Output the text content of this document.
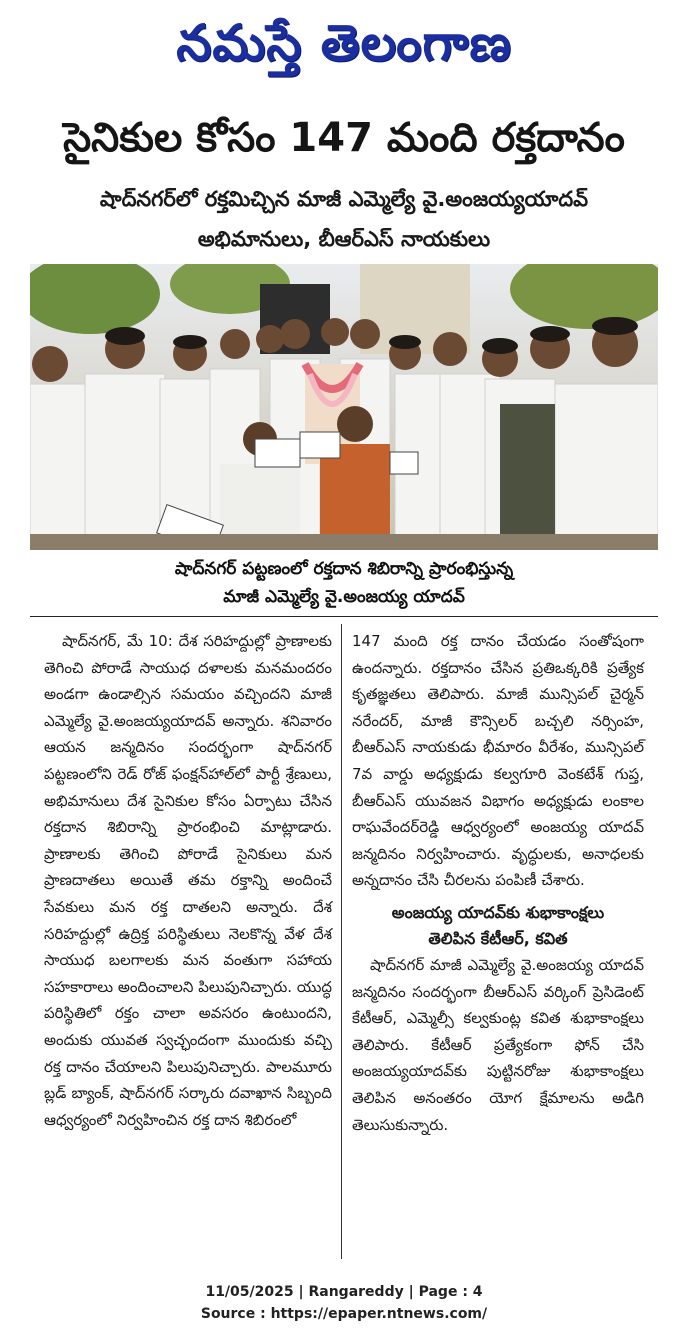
నమస్తే తెలంగాణ
సైనికుల కోసం 147 మంది రక్తదానం
షాద్‌నగర్‌లో రక్తమిచ్చిన మాజీ ఎమ్మెల్యే వై.అంజయ్యయాదవ్
అభిమానులు, బీఆర్‌ఎస్ నాయకులు
షాద్‌నగర్ పట్టణంలో రక్తదాన శిబిరాన్ని ప్రారంభిస్తున్న
మాజీ ఎమ్మెల్యే వై.అంజయ్య యాదవ్

షాద్‌నగర్, మే 10: దేశ సరిహద్దుల్లో ప్రాణాలకు తెగించి పోరాడే సాయుధ దళాలకు మనమందరం అండగా ఉండాల్సిన సమయం వచ్చిందని మాజీ ఎమ్మెల్యే వై.అంజయ్యయాదవ్ అన్నారు. శనివారం ఆయన జన్మదినం సందర్భంగా షాద్‌నగర్ పట్టణంలోని రెడ్ రోజ్ ఫంక్షన్‌హాల్‌లో పార్టీ శ్రేణులు, అభిమానులు దేశ సైనికుల కోసం ఏర్పాటు చేసిన రక్తదాన శిబిరాన్ని ప్రారంభించి మాట్లాడారు. ప్రాణాలకు తెగించి పోరాడే సైనికులు మన ప్రాణదాతలు అయితే తమ రక్తాన్ని అందించే సేవకులు మన రక్త దాతలని అన్నారు. దేశ సరిహద్దుల్లో ఉద్రిక్త పరిస్థితులు నెలకొన్న వేళ దేశ సాయుధ బలగాలకు మన వంతుగా సహాయ సహకారాలు అందించాలని పిలుపునిచ్చారు. యుద్ధ పరిస్థితిలో రక్తం చాలా అవసరం ఉంటుందని, అందుకు యువత స్వచ్ఛందంగా ముందుకు వచ్చి రక్త దానం చేయాలని పిలుపునిచ్చారు. పాలమూరు బ్లడ్ బ్యాంక్, షాద్‌నగర్ సర్కారు దవాఖాన సిబ్బంది ఆధ్వర్యంలో నిర్వహించిన రక్త దాన శిబిరంలో

147 మంది రక్త దానం చేయడం సంతోషంగా ఉందన్నారు. రక్తదానం చేసిన ప్రతిఒక్కరికి ప్రత్యేక కృతజ్ఞతలు తెలిపారు. మాజీ మున్సిపల్ చైర్మన్ నరేందర్, మాజీ కౌన్సిలర్ బచ్చలి నర్సింహ, బీఆర్‌ఎస్ నాయకుడు భీమారం వీరేశం, మున్సిపల్ 7వ వార్డు అధ్యక్షుడు కల్వగూరి వెంకటేశ్ గుప్త, బీఆర్‌ఎస్ యువజన విభాగం అధ్యక్షుడు లంకాల రాఘవేందర్‌రెడ్డి ఆధ్వర్యంలో అంజయ్య యాదవ్ జన్మదినం నిర్వహించారు. వృద్ధులకు, అనాధలకు అన్నదానం చేసి చీరలను పంపిణీ చేశారు.

అంజయ్య యాదవ్‌కు శుభాకాంక్షలు

తెలిపిన కేటీఆర్, కవిత

షాద్‌నగర్ మాజీ ఎమ్మెల్యే వై.అంజయ్య యాదవ్ జన్మదినం సందర్భంగా బీఆర్‌ఎస్ వర్కింగ్ ప్రెసిడెంట్ కేటీఆర్, ఎమ్మెల్సీ కల్వకుంట్ల కవిత శుభాకాంక్షలు తెలిపారు. కేటీఆర్ ప్రత్యేకంగా ఫోన్ చేసి అంజయ్యయాదవ్‌కు పుట్టినరోజు శుభాకాంక్షలు తెలిపిన అనంతరం యోగ క్షేమాలను అడిగి తెలుసుకున్నారు.

11/05/2025 | Rangareddy | Page : 4
Source : https://epaper.ntnews.com/
